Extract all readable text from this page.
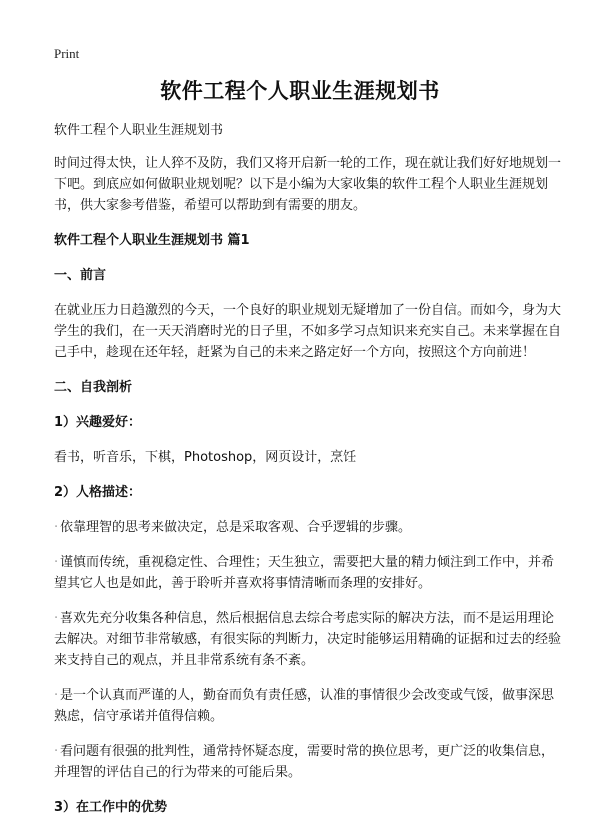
Print
软件工程个人职业生涯规划书

软件工程个人职业生涯规划书

时间过得太快，让人猝不及防，我们又将开启新一轮的工作，现在就让我们好好地规划一下吧。到底应如何做职业规划呢？以下是小编为大家收集的软件工程个人职业生涯规划书，供大家参考借鉴，希望可以帮助到有需要的朋友。

软件工程个人职业生涯规划书 篇1

一、前言

在就业压力日趋激烈的今天，一个良好的职业规划无疑增加了一份自信。而如今，身为大学生的我们，在一天天消磨时光的日子里，不如多学习点知识来充实自己。未来掌握在自己手中，趁现在还年轻，赶紧为自己的未来之路定好一个方向，按照这个方向前进！

二、自我剖析

1）兴趣爱好：

看书，听音乐，下棋，Photoshop，网页设计，烹饪

2）人格描述：

· 依靠理智的思考来做决定，总是采取客观、合乎逻辑的步骤。

· 谨慎而传统，重视稳定性、合理性；天生独立，需要把大量的精力倾注到工作中，并希望其它人也是如此，善于聆听并喜欢将事情清晰而条理的安排好。

· 喜欢先充分收集各种信息，然后根据信息去综合考虑实际的解决方法，而不是运用理论去解决。对细节非常敏感，有很实际的判断力，决定时能够运用精确的证据和过去的经验来支持自己的观点，并且非常系统有条不紊。

· 是一个认真而严谨的人，勤奋而负有责任感，认准的事情很少会改变或气馁，做事深思熟虑，信守承诺并值得信赖。

· 看问题有很强的批判性，通常持怀疑态度，需要时常的换位思考，更广泛的收集信息，并理智的评估自己的行为带来的可能后果。

3）在工作中的优势
